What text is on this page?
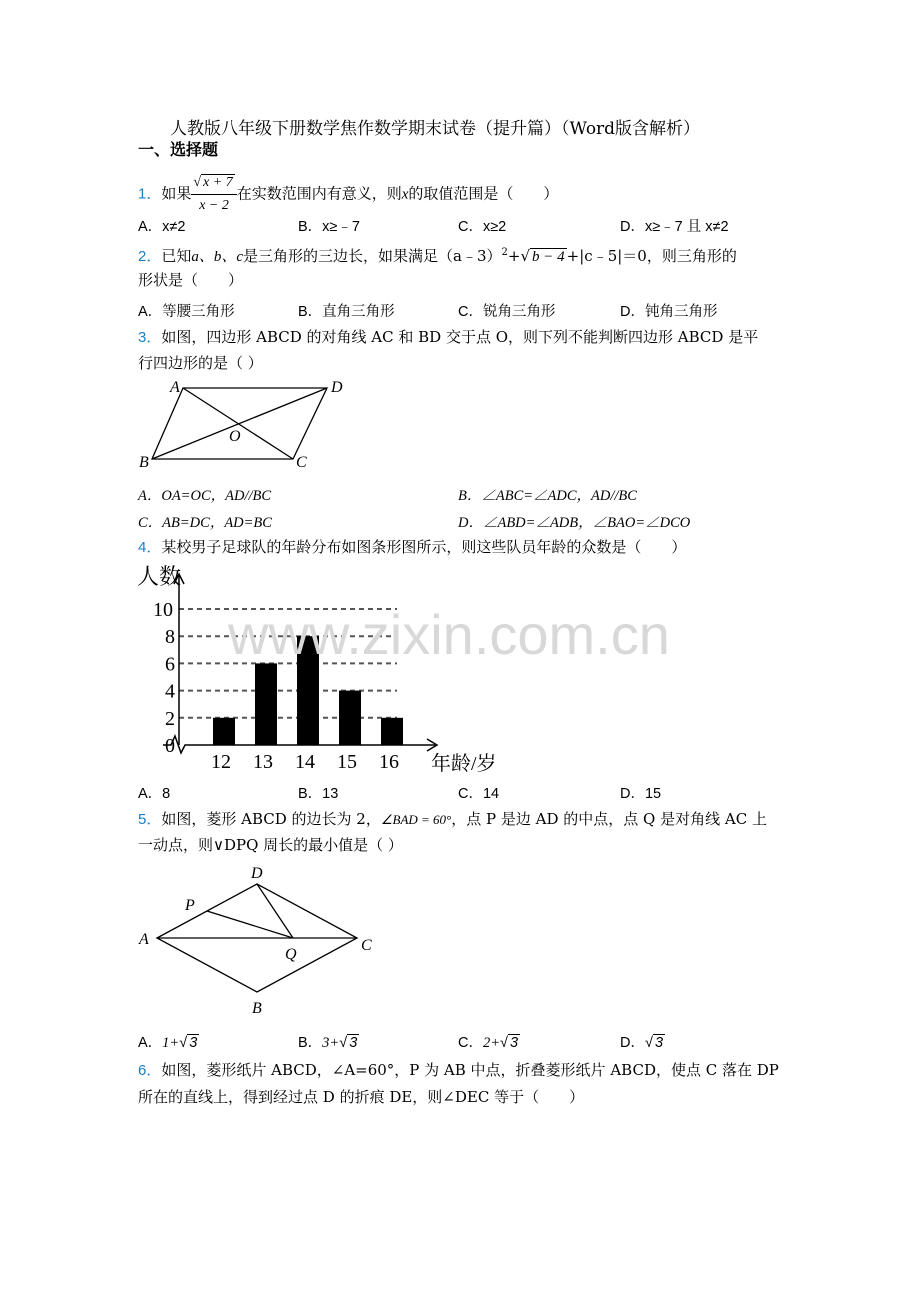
人教版八年级下册数学焦作数学期末试卷（提升篇）（Word版含解析）
一、选择题
1．如果 $\frac{√ x + 7}{x - 2}$ 在实数范围内有意义，则x的取值范围是（　　）
A．x≠2	B．x≥﹣7	C．x≥2	D．x≥﹣7 且 x≠2
2．已知a、b、c是三角形的三边长，如果满足（a﹣3）$^2$+√ b − 4 +|c﹣5|＝0，则三角形的
形状是（　　）
A．等腰三角形	B．直角三角形	C．锐角三角形	D．钝角三角形
3．如图，四边形 ABCD 的对角线 AC 和 BD 交于点 O，则下列不能判断四边形 ABCD 是平
行四边形的是（ ）
A	D
B	C
O
A．OA=OC，AD//BC	B．∠ABC=∠ADC，AD//BC
C．AB=DC，AD=BC	D．∠ABD=∠ADB，∠BAO=∠DCO
4．某校男子足球队的年龄分布如图条形图所示，则这些队员年龄的众数是（　　）
人数
年龄/岁
0
2
4
6
8
10
12 13 14 15 16
A．8	B．13	C．14	D．15
www.zixin.com.cn
5．如图，菱形 ABCD 的边长为 2，∠BAD = 60°，点 P 是边 AD 的中点，点 Q 是对角线 AC 上
一动点，则∨DPQ 周长的最小值是（ ）
A
D
C
B
P
Q
A．1+√ 3	B．3+√ 3	C．2+√ 3	D．√ 3
6．如图，菱形纸片 ABCD，∠A=60°，P 为 AB 中点，折叠菱形纸片 ABCD，使点 C 落在 DP
所在的直线上，得到经过点 D 的折痕 DE，则∠DEC 等于（　　）
